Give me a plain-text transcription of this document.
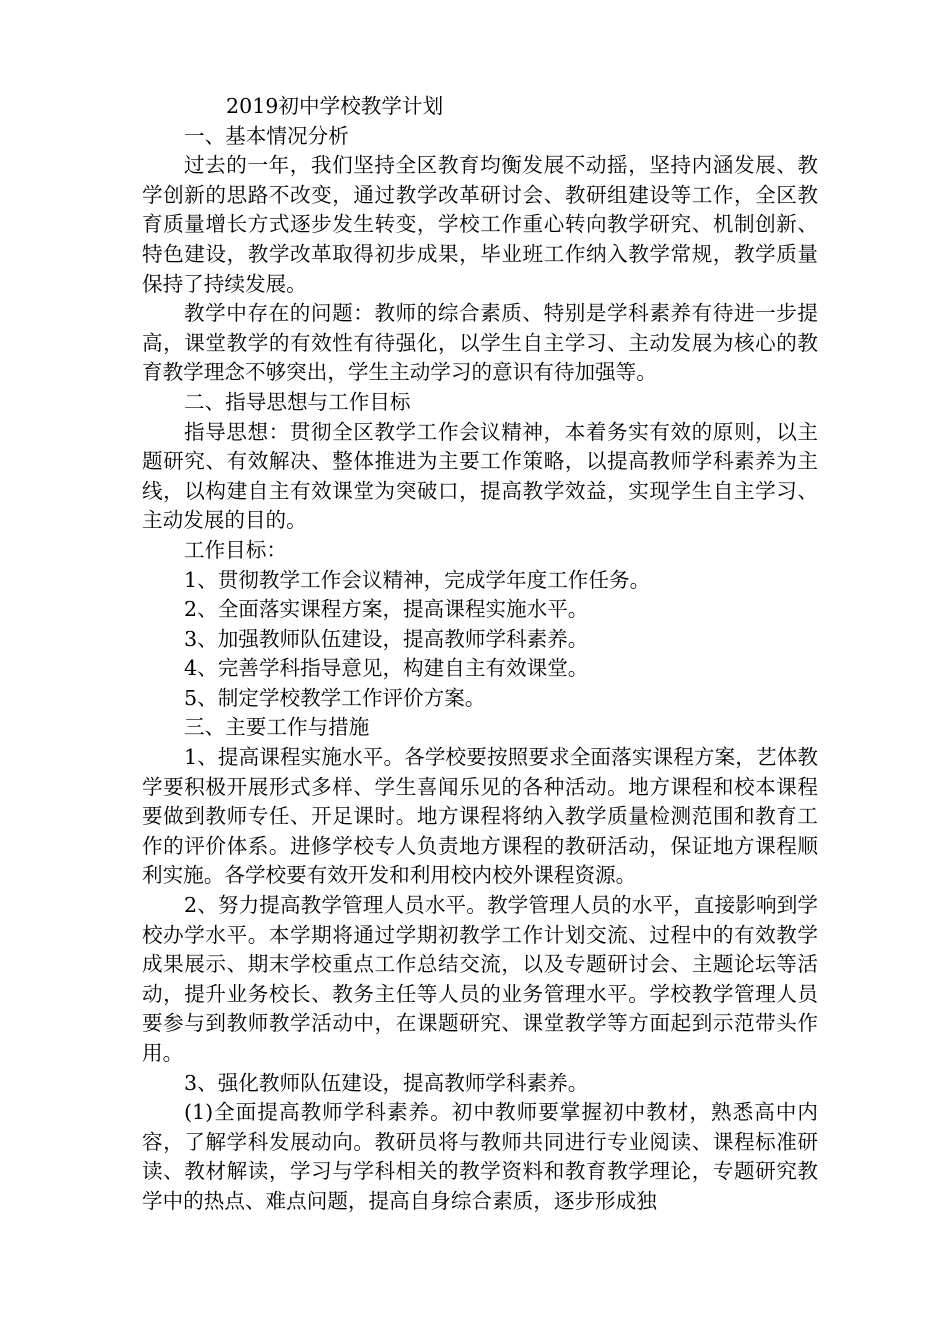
2019初中学校教学计划

一、基本情况分析

过去的一年，我们坚持全区教育均衡发展不动摇，坚持内涵发展、教学创新的思路不改变，通过教学改革研讨会、教研组建设等工作，全区教育质量增长方式逐步发生转变，学校工作重心转向教学研究、机制创新、特色建设，教学改革取得初步成果，毕业班工作纳入教学常规，教学质量保持了持续发展。

教学中存在的问题：教师的综合素质、特别是学科素养有待进一步提高，课堂教学的有效性有待强化，以学生自主学习、主动发展为核心的教育教学理念不够突出，学生主动学习的意识有待加强等。

二、指导思想与工作目标

指导思想：贯彻全区教学工作会议精神，本着务实有效的原则，以主题研究、有效解决、整体推进为主要工作策略，以提高教师学科素养为主线，以构建自主有效课堂为突破口，提高教学效益，实现学生自主学习、主动发展的目的。

工作目标：

1、贯彻教学工作会议精神，完成学年度工作任务。

2、全面落实课程方案，提高课程实施水平。

3、加强教师队伍建设，提高教师学科素养。

4、完善学科指导意见，构建自主有效课堂。

5、制定学校教学工作评价方案。

三、主要工作与措施

1、提高课程实施水平。各学校要按照要求全面落实课程方案，艺体教学要积极开展形式多样、学生喜闻乐见的各种活动。地方课程和校本课程要做到教师专任、开足课时。地方课程将纳入教学质量检测范围和教育工作的评价体系。进修学校专人负责地方课程的教研活动，保证地方课程顺利实施。各学校要有效开发和利用校内校外课程资源。

2、努力提高教学管理人员水平。教学管理人员的水平，直接影响到学校办学水平。本学期将通过学期初教学工作计划交流、过程中的有效教学成果展示、期末学校重点工作总结交流，以及专题研讨会、主题论坛等活动，提升业务校长、教务主任等人员的业务管理水平。学校教学管理人员要参与到教师教学活动中，在课题研究、课堂教学等方面起到示范带头作用。

3、强化教师队伍建设，提高教师学科素养。

(1)全面提高教师学科素养。初中教师要掌握初中教材，熟悉高中内容，了解学科发展动向。教研员将与教师共同进行专业阅读、课程标准研读、教材解读，学习与学科相关的教学资料和教育教学理论，专题研究教学中的热点、难点问题，提高自身综合素质，逐步形成独
